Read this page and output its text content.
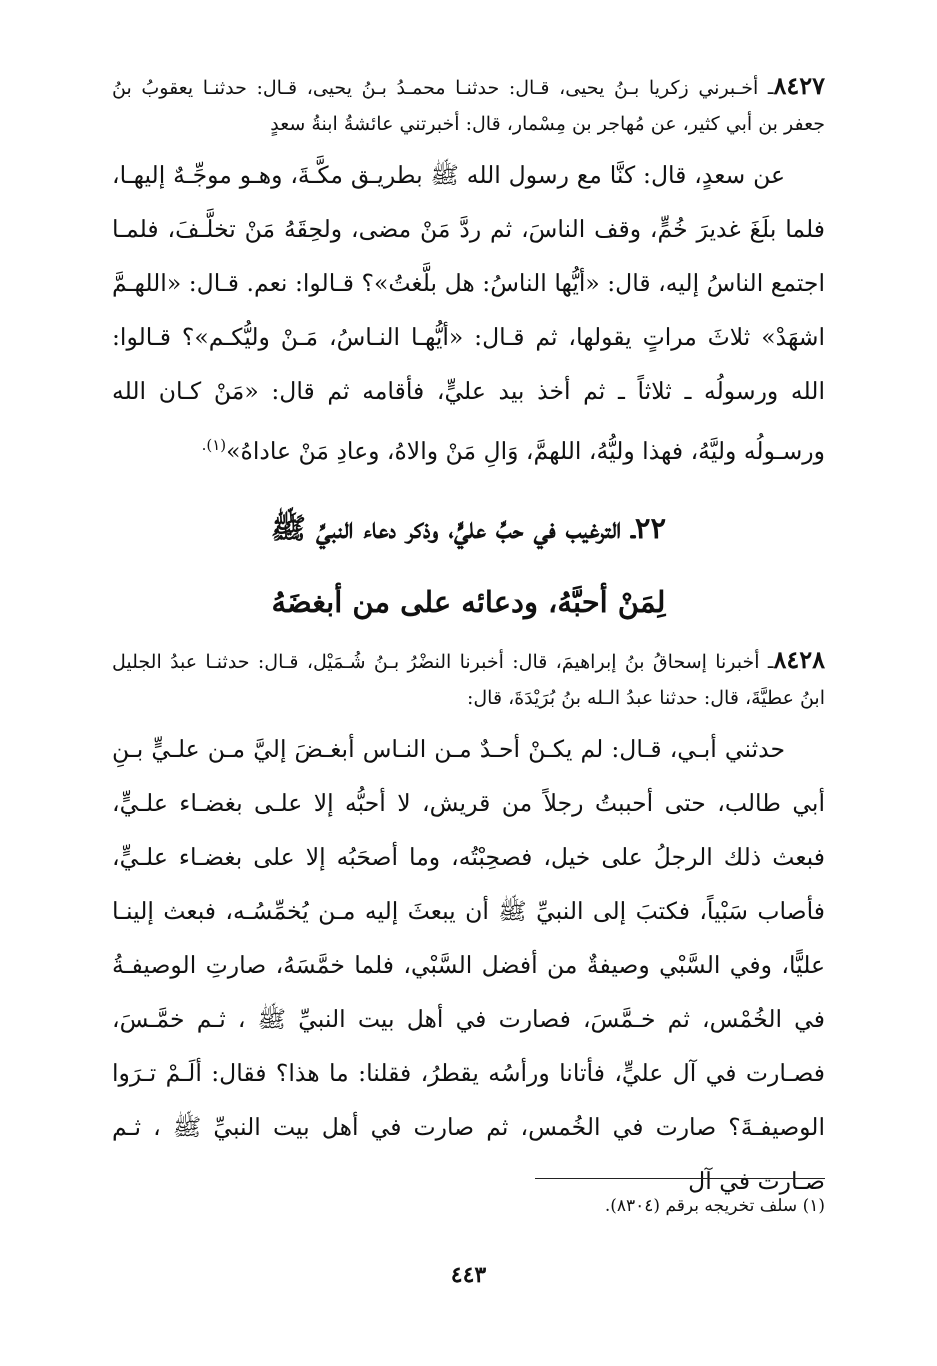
٨٤٢٧ـ أخـبرني زكريا بـنُ يحيى، قـال: حدثنـا محمـدُ بـنُ يحيى، قـال: حدثنـا يعقوبُ بنُ جعفر بن أبي كثير، عن مُهاجر بن مِسْمار، قال: أخبرتني عائشةُ ابنةُ سعدٍ

عن سعدٍ، قال: كنَّا مع رسول الله ﷺ بطريـق مكَّـةَ، وهـو موجِّـهٌ إليهـا، فلما بلَغَ غديرَ خُمٍّ، وقف الناسَ، ثم ردَّ مَنْ مضى، ولحِقَهُ مَنْ تخلَّـفَ، فلمـا اجتمع الناسُ إليه، قال: «أيُّها الناسُ: هل بلَّغتُ»؟ قـالوا: نعم. قـال: «اللهـمَّ اشهَدْ» ثلاثَ مراتٍ يقولها، ثم قـال: «أيُّهـا النـاسُ، مَـنْ وليُّكـم»؟ قـالوا: الله ورسولُه ـ ثلاثاً ـ ثم أخذ بيد عليٍّ، فأقامه ثم قال: «مَنْ كـان الله ورسـولُه وليَّهُ، فهذا وليُّهُ، اللهمَّ، وَالِ مَنْ والاهُ، وعادِ مَنْ عاداهُ»$^{(١).}$

٢٢ـ الترغيب في حبِّ عليٍّ، وذكر دعاء النبيِّ ﷺ

لِمَنْ أحبَّهُ، ودعائه على من أبغضَهُ

٨٤٢٨ـ أخبرنا إسحاقُ بنُ إبراهيمَ، قال: أخبرنا النضْرُ بـنُ شُـمَيْل، قـال: حدثنـا عبدُ الجليل ابنُ عطيَّةَ، قال: حدثنا عبدُ الـله بنُ بُرَيْدَةَ، قال:

حدثني أبـي، قـال: لم يكـنْ أحـدٌ مـن النـاس أبغـضَ إليَّ مـن علـيٍّ بـنِ أبي طالب، حتى أحببتُ رجلاً من قريش، لا أحبُّه إلا علـى بغضـاء علـيٍّ، فبعث ذلك الرجلُ على خيل، فصحِبْتُه، وما أصحَبُه إلا على بغضـاء علـيٍّ، فأصاب سَبْياً، فكتبَ إلى النبيِّ ﷺ أن يبعثَ إليه مـن يُخمِّسُـه، فبعث إلينـا عليًّا، وفي السَّبْي وصيفةٌ من أفضل السَّبْي، فلما خمَّسَهُ، صارتِ الوصيفـةُ في الخُمْس، ثم خـمَّسَ، فصارت في أهل بيت النبيِّ ﷺ ، ثـم خمَّـسَ، فصـارت في آل عليٍّ، فأتانا ورأسُه يقطرُ، فقلنا: ما هذا؟ فقال: ألَـمْ تـرَوا الوصيفـةَ؟ صارت في الخُمس، ثم صارت في أهل بيت النبيِّ ﷺ ، ثـم صـارت في آل

(١) سلف تخريجه برقم (٨٣٠٤).

٤٤٣
